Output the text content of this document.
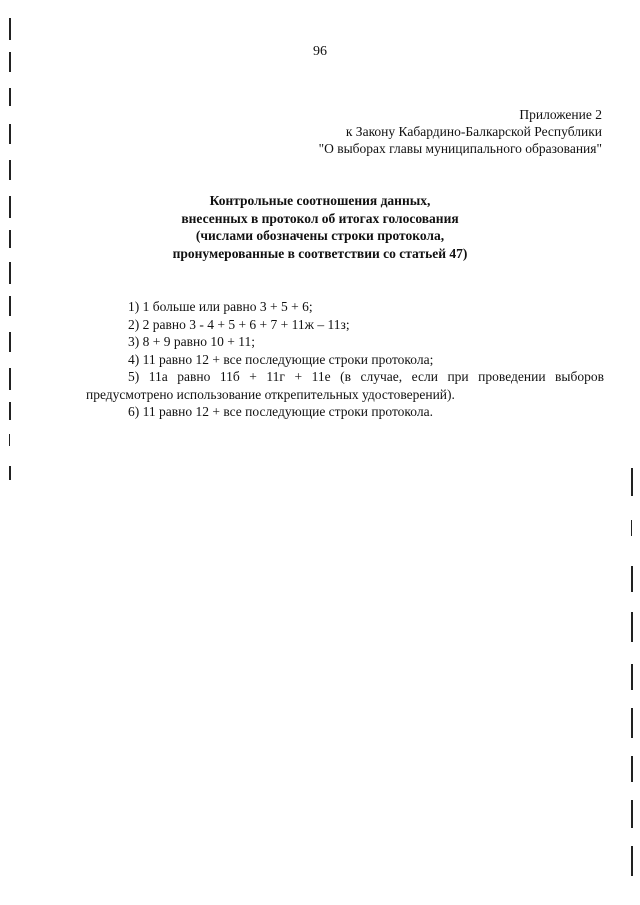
96
Приложение 2
к Закону Кабардино-Балкарской Республики
"О выборах главы муниципального образования"
Контрольные соотношения данных,
внесенных в протокол об итогах голосования
(числами обозначены строки протокола,
пронумерованные в соответствии со статьей 47)
1) 1 больше или равно 3 + 5 + 6;
2) 2 равно 3 - 4 + 5 + 6 + 7 + 11ж – 11з;
3) 8 + 9 равно 10 + 11;
4) 11 равно 12 + все последующие строки протокола;
5) 11а равно 11б + 11г + 11е (в случае, если при проведении выборов предусмотрено использование открепительных удостоверений).
6) 11 равно 12 + все последующие строки протокола.
